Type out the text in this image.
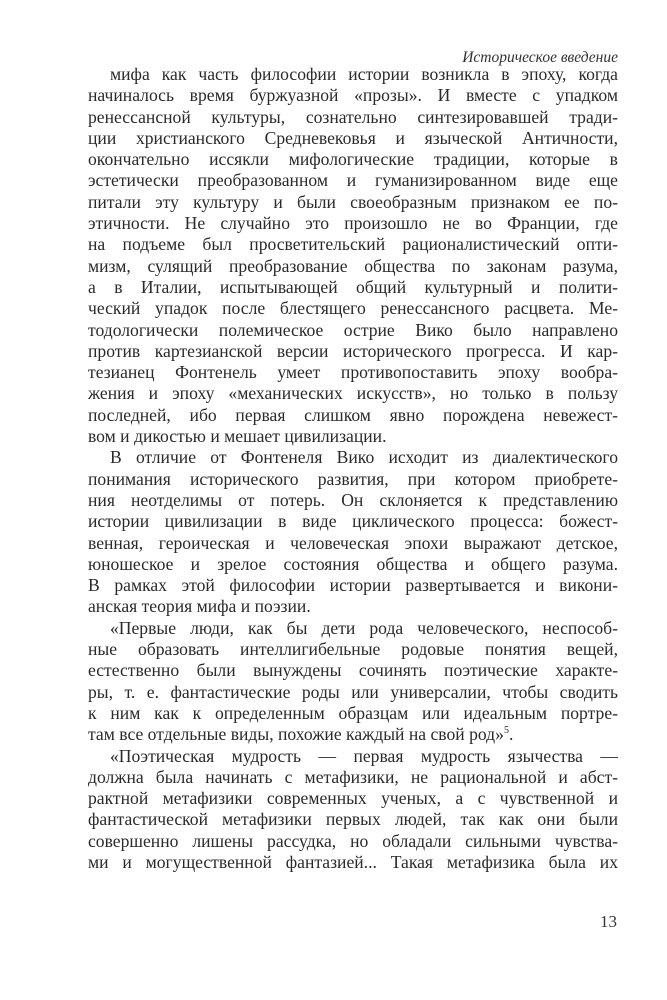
Историческое введение
мифа как часть философии истории возникла в эпоху, когда
начиналось время буржуазной «прозы». И вместе с упадком
ренессансной культуры, сознательно синтезировавшей тради-
ции христианского Средневековья и языческой Античности,
окончательно иссякли мифологические традиции, которые в
эстетически преобразованном и гуманизированном виде еще
питали эту культуру и были своеобразным признаком ее по-
этичности. Не случайно это произошло не во Франции, где
на подъеме был просветительский рационалистический опти-
мизм, сулящий преобразование общества по законам разума,
а в Италии, испытывающей общий культурный и полити-
ческий упадок после блестящего ренессансного расцвета. Ме-
тодологически полемическое острие Вико было направлено
против картезианской версии исторического прогресса. И кар-
тезианец Фонтенель умеет противопоставить эпоху вообра-
жения и эпоху «механических искусств», но только в пользу
последней, ибо первая слишком явно порождена невежест-
вом и дикостью и мешает цивилизации.
В отличие от Фонтенеля Вико исходит из диалектического
понимания исторического развития, при котором приобрете-
ния неотделимы от потерь. Он склоняется к представлению
истории цивилизации в виде циклического процесса: божест-
венная, героическая и человеческая эпохи выражают детское,
юношеское и зрелое состояния общества и общего разума.
В рамках этой философии истории развертывается и викони-
анская теория мифа и поэзии.
«Первые люди, как бы дети рода человеческого, неспособ-
ные образовать интеллигибельные родовые понятия вещей,
естественно были вынуждены сочинять поэтические характе-
ры, т. е. фантастические роды или универсалии, чтобы сводить
к ним как к определенным образцам или идеальным портре-
там все отдельные виды, похожие каждый на свой род»$^5$.
«Поэтическая мудрость — первая мудрость язычества —
должна была начинать с метафизики, не рациональной и абст-
рактной метафизики современных ученых, а с чувственной и
фантастической метафизики первых людей, так как они были
совершенно лишены рассудка, но обладали сильными чувства-
ми и могущественной фантазией... Такая метафизика была их
13
